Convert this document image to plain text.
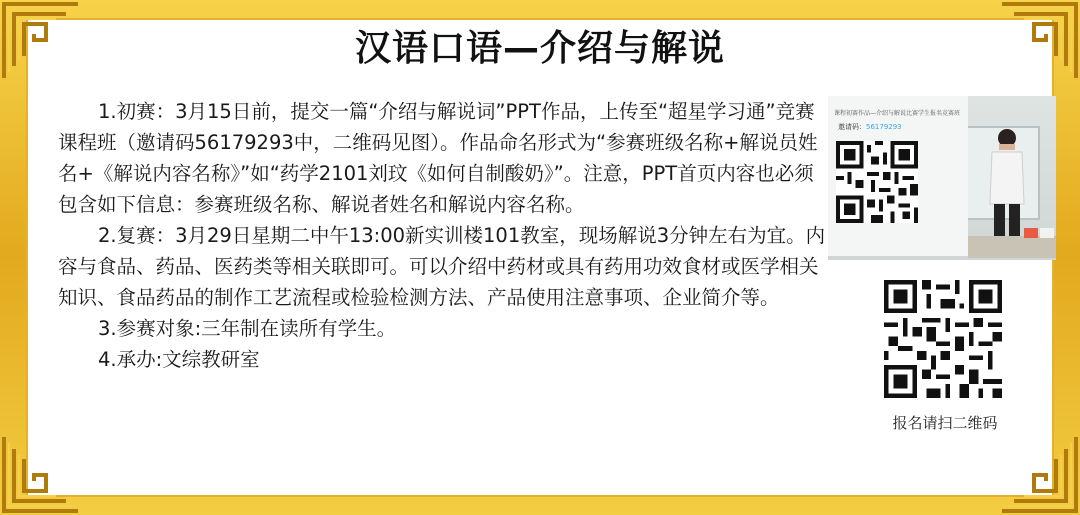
汉语口语—介绍与解说

1.初赛：3月15日前，提交一篇“介绍与解说词”PPT作品，上传至“超星学习通”竞赛课程班（邀请码56179293中，二维码见图）。作品命名形式为“参赛班级名称+解说员姓名+《解说内容名称》”如“药学2101刘玟《如何自制酸奶》”。注意，PPT首页内容也必须包含如下信息：参赛班级名称、解说者姓名和解说内容名称。

2.复赛：3月29日星期二中午13:00新实训楼101教室，现场解说3分钟左右为宜。内容与食品、药品、医药类等相关联即可。可以介绍中药材或具有药用功效食材或医学相关知识、食品药品的制作工艺流程或检验检测方法、产品使用注意事项、企业简介等。

3.参赛对象:三年制在读所有学生。

4.承办:文综教研室

课程初赛作品—介绍与解说比赛学生报名竞赛班
邀请码：56179293
报名请扫二维码
